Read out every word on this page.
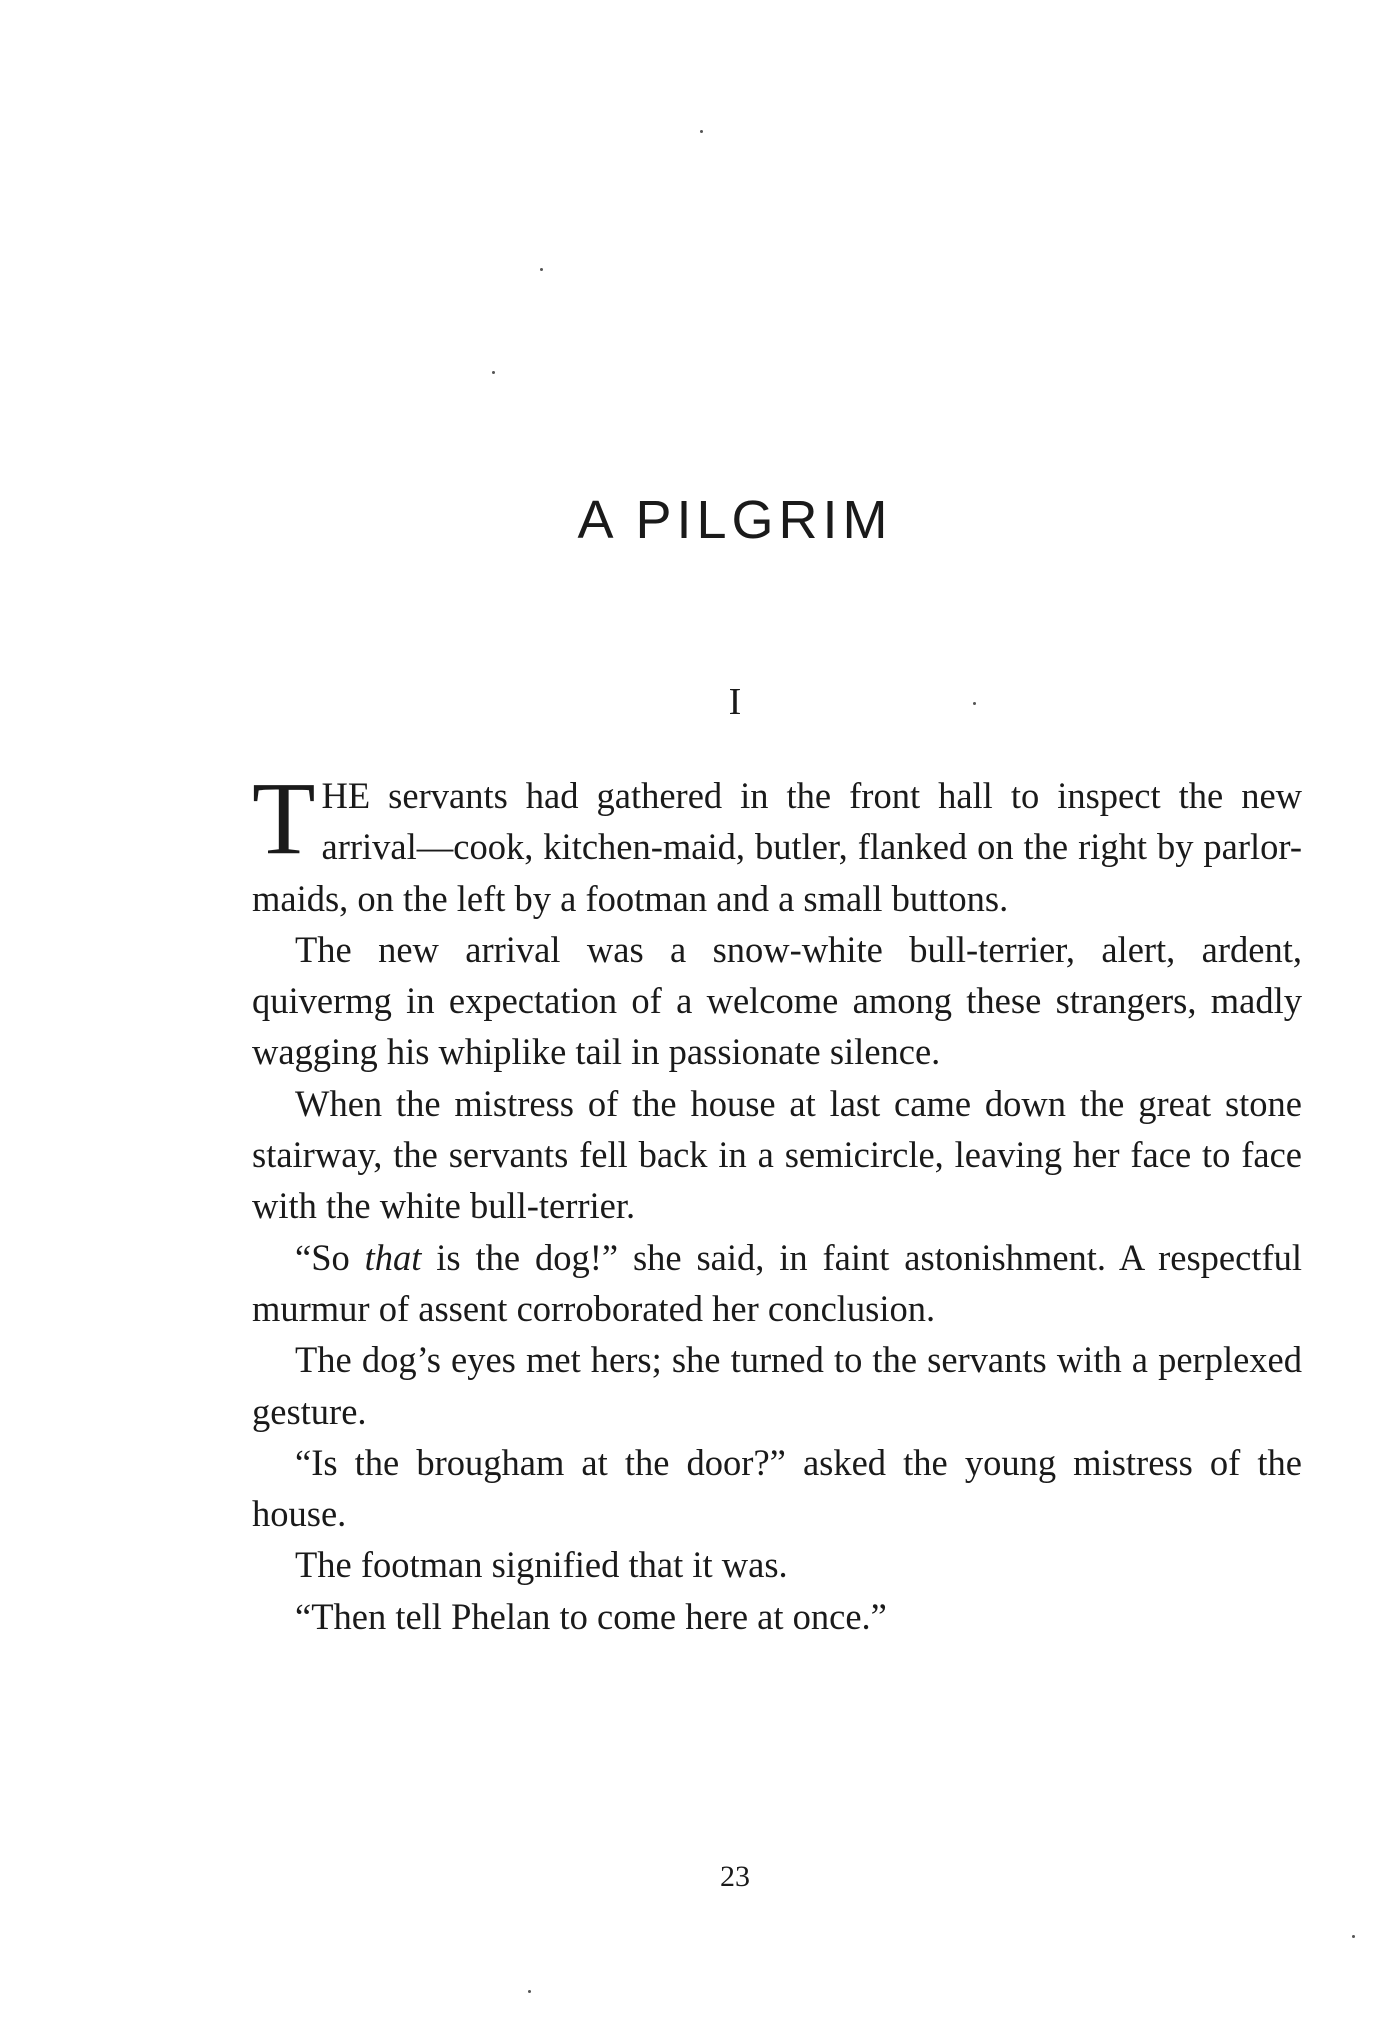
A PILGRIM
I

THE servants had gathered in the front hall to inspect the new arrival—cook, kitchen-maid, butler, flanked on the right by parlor-maids, on the left by a footman and a small buttons.

The new arrival was a snow-white bull-terrier, alert, ardent, quivermg in expectation of a welcome among these strangers, madly wagging his whiplike tail in passionate silence.

When the mistress of the house at last came down the great stone stairway, the servants fell back in a semicircle, leaving her face to face with the white bull-terrier.

“So that is the dog!” she said, in faint astonishment. A respectful murmur of assent corroborated her conclusion.

The dog’s eyes met hers; she turned to the servants with a perplexed gesture.

“Is the brougham at the door?” asked the young mistress of the house.

The footman signified that it was.

“Then tell Phelan to come here at once.”

23
